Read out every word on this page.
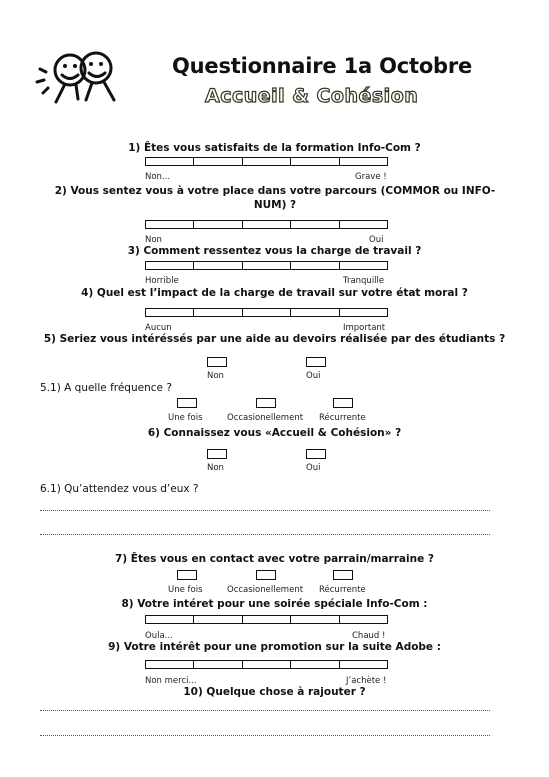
Questionnaire 1a Octobre
Accueil & Cohésion
1) Êtes vous satisfaits de la formation Info-Com ?
Non...	Grave !
2) Vous sentez vous à votre place dans votre parcours (COMMOR ou INFO-NUM) ?
Non	Oui
3) Comment ressentez vous la charge de travail ?
Horrible	Tranquille
4) Quel est l’impact de la charge de travail sur votre état moral ?
Aucun	Important
5) Seriez vous intéréssés par une aide au devoirs réalisée par des étudiants ?
Non	Oui
5.1) A quelle fréquence ?
Une fois	Occasionellement Récurrente
6) Connaissez vous «Accueil & Cohésion» ?
Non	Oui
6.1) Qu’attendez vous d’eux ?
7) Êtes vous en contact avec votre parrain/marraine ?
Une fois	Occasionellement Récurrente
8) Votre intéret pour une soirée spéciale Info-Com :
Oula...	Chaud !
9) Votre intérêt pour une promotion sur la suite Adobe :
Non merci...	J’achète !
10) Quelque chose à rajouter ?
